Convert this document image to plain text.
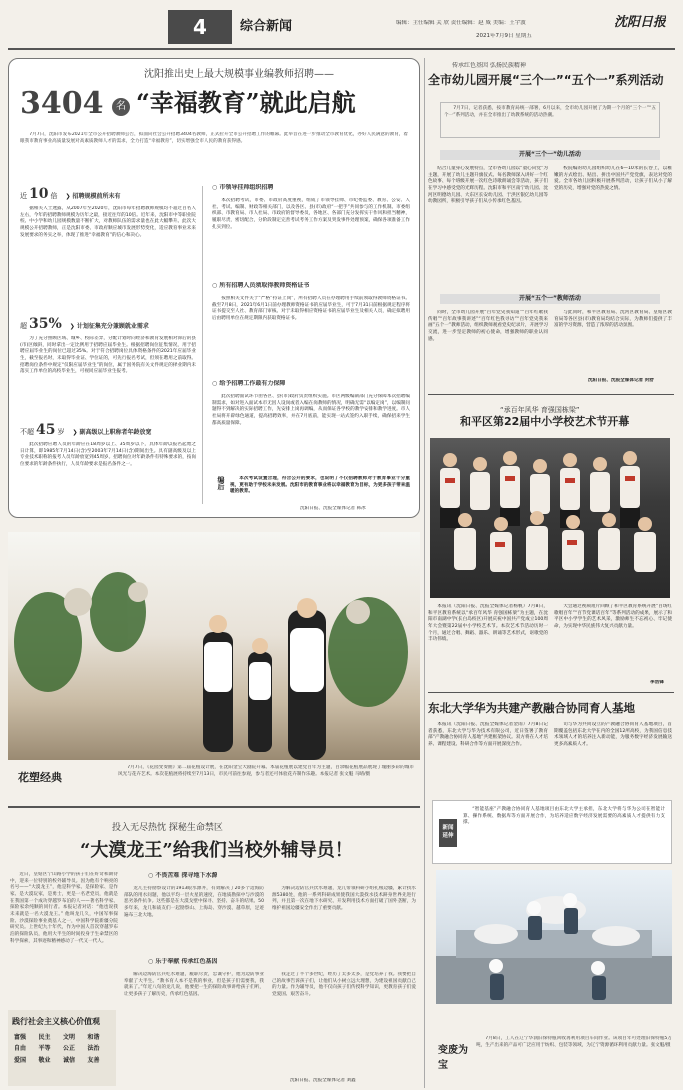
4	综合新闻	编辑：主任编辑 关 欣 责任编辑：赵 威 美编：王宇波
2021年7月9日 星期五
沈阳日报
3404	名
沈阳推出史上最大规模事业编教师招聘——
“幸福教育”就此启航
7月7日，沈阳市发布2021年全市公开招聘教师公告，拟面向社会公开招聘3404名教师，正式拉开全市公开招聘工作的帷幕。此举旨在进一步推动全市教育优化，办好人民满意的教育，着眼我市教育事业高质量发展对高素质教师人才的需求，全力打造“幸福教育”，切实增强全市人民的教育获得感。
近 10 倍 ❯ 招聘规模前所未有
据相关人士透露，从2007年至2020年，沈阳市每年招聘教师规模均不超过百名人左右，今年的招聘教师规模为历年之最，接近往年的10倍。近年来，沈阳市中等职业院校、中小学和幼儿园规模数量不断扩大，对教师队伍的需求量也在此大幅攀升。此次大规模公开招聘教师，正是沈阳市委、市政府顺应城市发展形势变化，适应教育事业未来发展要求的务实之举，体现了推进“幸福教育”的信心和决心。
超 35% ❯ 计划征集充分兼顾就业需求
为了充分照顾区域、城乡、校际差异，分配计划时向经济和教育发展相对滞后的县(市)区倾斜，同时拿出一定比例用于招聘应届毕业生。根据招聘岗位征集情况，用于招聘应届毕业生的岗位已超过35%。对于符合招聘岗位具体资格条件的2021年应届毕业生，截至报名时，未取得毕业证、学位证的，可先行报名考试，但须在聘用之前取得。招聘岗位条件中规定“仅限应届毕业生”的岗位，属于国务院有关文件规定的择业期内未落实工作单位的高校毕业生，可视同应届毕业生报考。
不超 45 岁 ❯ 副高级以上职称者年龄放宽
此次招聘应聘人员的年龄应在18周岁以上、35周岁以下，具体年龄以报名起始之日计算，即1985年7月14日(含)至2003年7月14日(含)期间出生。具有副高级及以上专业技术职称的报考人员年龄放宽到45周岁。招聘岗位对年龄条件有特殊要求的，按岗位要求的年龄条件执行，人员年龄要求是报名条件之一。
○ 市领导挂帅组织招聘
本次招聘考试，市委、市政府高度重视，组成了市领导挂帅、市纪委监委、教育、公安、人社、考试、编制、财政等相关部门，以及各区、县(市)政府“一把手”共同参与的工作机制。市委组织部、市教育局、市人社局、市政府的督导委员，各地区、各部门充分发挥实干作风和担当精神，履职尽责，密切配合，分阶段制定完善考试考务工作方案及突发事件处理预案，确保各项准备工作扎实到位。
○ 所有招聘人员须取得教师资格证书
按照相关文件关于“严格”持证上岗”，所有招聘人员在办理聘用手续前须取得教师资格证书。截至7月8日，2021年6月1日前办理教师资格证书的应届毕业生，可于7月31日前根据规定程序将证书提交至人社、教育部门审核。对于未取得相应资格证书的应届毕业生及相关人员，确定拟聘用后由聘用单位在规定期限内获取资格证书。
○ 给予招聘工作最有力保障
此次招聘面试环节由各区、县(市)政府负责组织实施。市区两级编制部门充分保障本次招聘编制需求，如对进入面试本市无因人设岗或者入编在岗教师的情况，明确无需“以编定岗”，以编制问题得不到解决的实际招聘工作，先安排上岗再调编，从而保证各学校的教学安排和教学进度。市人社局将开辟绿色通道，提高招聘效率，并在7月底前，能实现一站式签约入职手续，确保招来学生都高质量保障。
编后	本次考试设置合理，符合公开的要求，也说明了不仅招聘教师对于教育事业十分重视，更有助于学校未来发展。沈阳市的教育事业将以幸福教育为目标，为更多孩子带来温暖的教育。
沈阳日报、沈报全媒体记者 韩冰
花塑经典
7月7日，《花园变奏曲》第二届花植设计展，在沈阳金宝大剧院开幕。本届花植展以建党百年为主题，百余幅花植展品展现了瑰丽多彩的城市风光与花卉艺术。本次花植展将持续至7月13日，市民可前往参观，参与者还可体验花卉制作乐趣。本报记者 张文魁 马晴/摄
投入无尽热忱 探秘生命禁区
“大漠龙王”给我们当校外辅导员！
近日，皇姑区宁山路小学的孩子们在好奇和期待中，迎来一位特别的校外辅导员。因为他有个响亮的名号——“大漠龙王”，他是科学家、是探险家、是作家、是大漠玩家，是勇士，更是一名老党员，他就是在我国第一个成功穿越罗布泊的人——著名科学家、探险家余纯顺的同行者。本报记者对话：“他也说我未来就是一名大漠龙王。” 他叫龙几久，中国军事探险、沙漠探险事业奠基人之一，中国科学院新疆分院研究员。上世纪九十年代，作为中国人首次穿越罗布泊的探险队员，他用大半生的时间投身于生命禁区的科学探索，其事迹和精神感动了一代又一代人。
○ 不畏苦难 探寻地下水源
龙几主持勘察设计的1913眼水源井，有效解决了20多个边海防部队的用水问题，他以平均一层火星的速度，在地质勘探中与沙漠的恶劣条件抗争。这些都是在大漠戈壁中探寻、坚持、奋斗的结果。50多年来，龙几和战友们一起勘察山、上海岛、穿沙漠、越草原，足迹遍布三北大地。
为解决边防官兵饮水难题，龙几带领科研小组扎根边疆，累计找水源5380处，他的一系列科研成果使我国大漠找水技术跻身世界先进行列，并且第一次在地下水研究、开发利用技术方面打破了国外垄断，为维护祖国边疆安全作出了重要贡献。
○ 乐于奉献 传承红色基因
解决边海防官兵吃水难题，履职尽责，忠诚守护，他为边防事业奉献了大半生。“教书育人本不是我的事业，但是孩子们需要我，我就来了。”年近八旬的龙几说，他要把一生的探险故事讲给孩子们听，让更多孩子了解历史，传承红色基因。
我走过了半个多世纪，经历了太多太多，是党培养了我。我要把自己的故事告诉孩子们，让他们从小树立远大理想，为建设祖国贡献自己的力量。作为辅导员，他不仅向孩子们传授科学知识，更教育孩子们爱党爱国、艰苦奋斗。
沈阳日报、沈报全媒体记者 刘鑫
践行社会主义核心价值观
富强	民主	文明	和谐
自由	平等	公正	法治
爱国	敬业	诚信	友善
传承红色基因 弘扬民族精神
全市幼儿园开展“三个一”“五个一”系列活动
7月7日，记者获悉，按市教育局统一部署，6月以来，全市幼儿园开展了为期一个月的“三个一”“五个一”系列活动，并在全市推出了幼教系统的活动热潮。
开展“三个一”幼儿活动
结合儿童身心发展特点，全市各幼儿园以“童心向党”为主题，开展了幼儿主题升旗仪式、每名教师深入讲好一个红色故事、每个班级开展一次红色诗歌朗诵会等活动，孩子们在学习中感受党的光辉历程。沈阳市和平区南宁幼儿园、沈河区明德幼儿园、大东区长安幼儿园、于洪区银亿幼儿园等幼教园所，积极引导孩子们从小传承红色基因。
校院编的幼儿园组织幼儿在6—10米的长卷上，以稚嫩的方式绘出、贴出、拼出中国共产党党旗，表达对党的爱。全市各幼儿园积极开展系列活动，让孩子们从小了解党的历史，增强对党的热爱之情。
开展“五个一”教师活动
同时，全市幼儿园开展“百年党史我知道”“百年红歌我传唱”“百年故事我讲述”“百年红色我寻访”“百年党史我来画”五个一”教师活动，组织教师观看党史纪录片，开展学习交流，进一步坚定教师的初心使命，增强教师的职业认同感。
与此同时，和平区教育局、沈河区教育局、皇姑区教育局等各区县(市)教育局均结合实际，为教师们提供了丰富的学习资源，营造了浓厚的活动氛围。
沈阳日报、沈报全媒体记者 封舒
“承百年风华 育强国栋梁”
和平区第22届中小学校艺术节开幕
本报讯（沈阳日报、沈报全媒体记者杨帆）7月8日，和平区教育系统以“承百年风华 育强国栋梁”为主题，在沈阳市南湖中学(长白岛校区)开展庆祝中国共产党成立100周年大会暨第22届中小学校艺术节。本次艺术节活动历时一个月，通过合唱、舞蹈、器乐、朗诵等艺术形式，讴歌党的丰功伟绩。
大会通过视频短片回顾了和平区教育系统开展“百场红歌唱百年”“百节党课话百年”等系列活动的成果，展示了和平区中小学学生的艺术风采，激励师生不忘初心、牢记使命，为实现中华民族伟大复兴贡献力量。
李浩锋
东北大学华为共建产教融合协同育人基地
本报讯（沈阳日报、沈报全媒体记者金雨）7月8日记者获悉，东北大学与华为技术有限公司，近日签署了教育部“产教融合协同育人基地”共建框架协议。双方将在人才培养、课程建设、科研合作等方面开展深度合作。
司与华为共同设立的产教融合协同育人基地项目，首期覆盖包括东北大学在内的全国12所高校，为我国信息技术领域人才的培养注入新动能，为服务数字经济发展输送更多高素质人才。
新闻延伸
“智能基座”产教融合协同育人基地项目由东北大学主承担，东北大学将与华为公司在智能计算、操作系统、数据库等方面开展合作，为培养适应数字经济发展需要的高素质人才提供有力支撑。
变废为宝
7月8日，工人在辽宁华润旧保特瓶回收再利用项目车间作业。该项目年可处理旧保特瓶5万吨，生产出来的产品可广泛应用于纺织、包装等领域，为辽宁资源循环利用贡献力量。张文魁/摄
